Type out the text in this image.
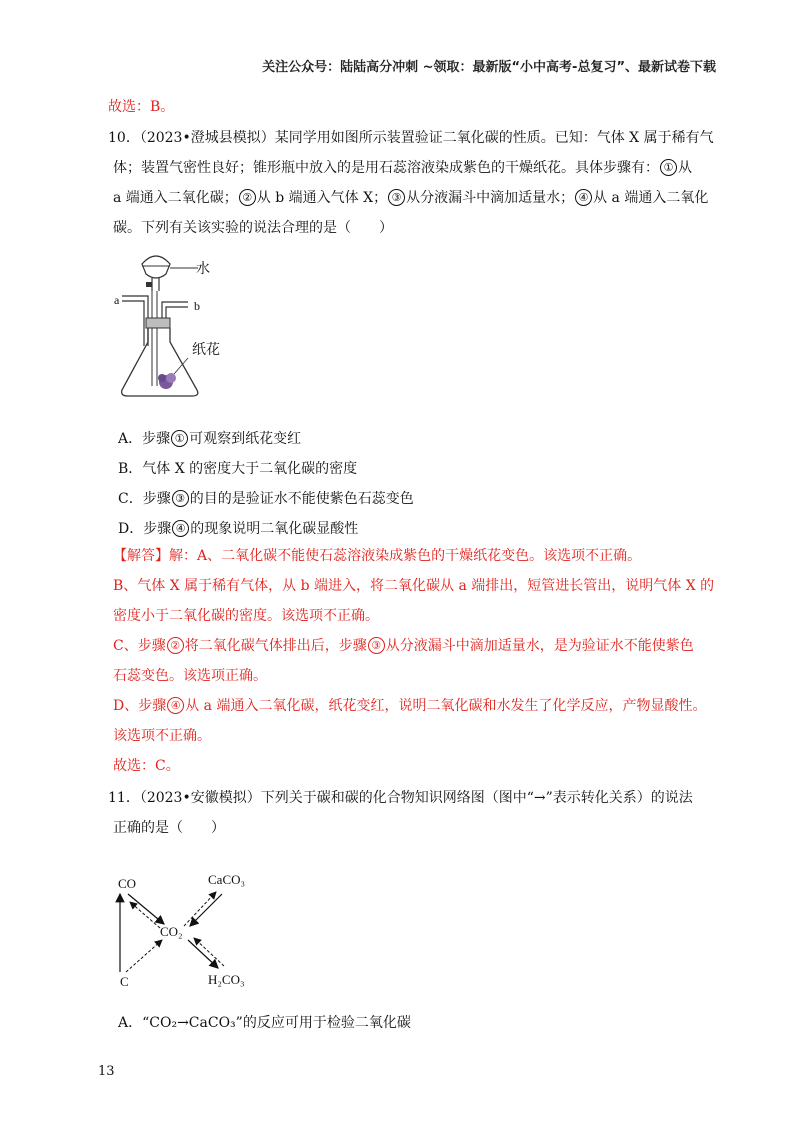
关注公众号：陆陆高分冲刺 ~领取：最新版“小中高考-总复习”、最新试卷下载
故选：B。
10．（2023•澄城县模拟）某同学用如图所示装置验证二氧化碳的性质。已知：气体 X 属于稀有气
体；装置气密性良好；锥形瓶中放入的是用石蕊溶液染成紫色的干燥纸花。具体步骤有： ① 从
a 端通入二氧化碳； ② 从 b 端通入气体 X； ③ 从分液漏斗中滴加适量水； ④ 从 a 端通入二氧化
碳。下列有关该实验的说法合理的是（　　）
水
a	b
纸花
A．步骤 ① 可观察到纸花变红
B．气体 X 的密度大于二氧化碳的密度
C．步骤 ③ 的目的是验证水不能使紫色石蕊变色
D．步骤 ④ 的现象说明二氧化碳显酸性
【解答】解：A、二氧化碳不能使石蕊溶液染成紫色的干燥纸花变色。该选项不正确。
B、气体 X 属于稀有气体，从 b 端进入，将二氧化碳从 a 端排出，短管进长管出，说明气体 X 的
密度小于二氧化碳的密度。该选项不正确。
C、步骤 ② 将二氧化碳气体排出后，步骤 ③ 从分液漏斗中滴加适量水，是为验证水不能使紫色
石蕊变色。该选项正确。
D、步骤 ④ 从 a 端通入二氧化碳，纸花变红，说明二氧化碳和水发生了化学反应，产物显酸性。
该选项不正确。
故选：C。
11．（2023•安徽模拟）下列关于碳和碳的化合物知识网络图（图中“→”表示转化关系）的说法
正确的是（　　）
CO	CaCO₃
CO₂
C	H₂CO₃
A．“CO₂→CaCO₃”的反应可用于检验二氧化碳
13
